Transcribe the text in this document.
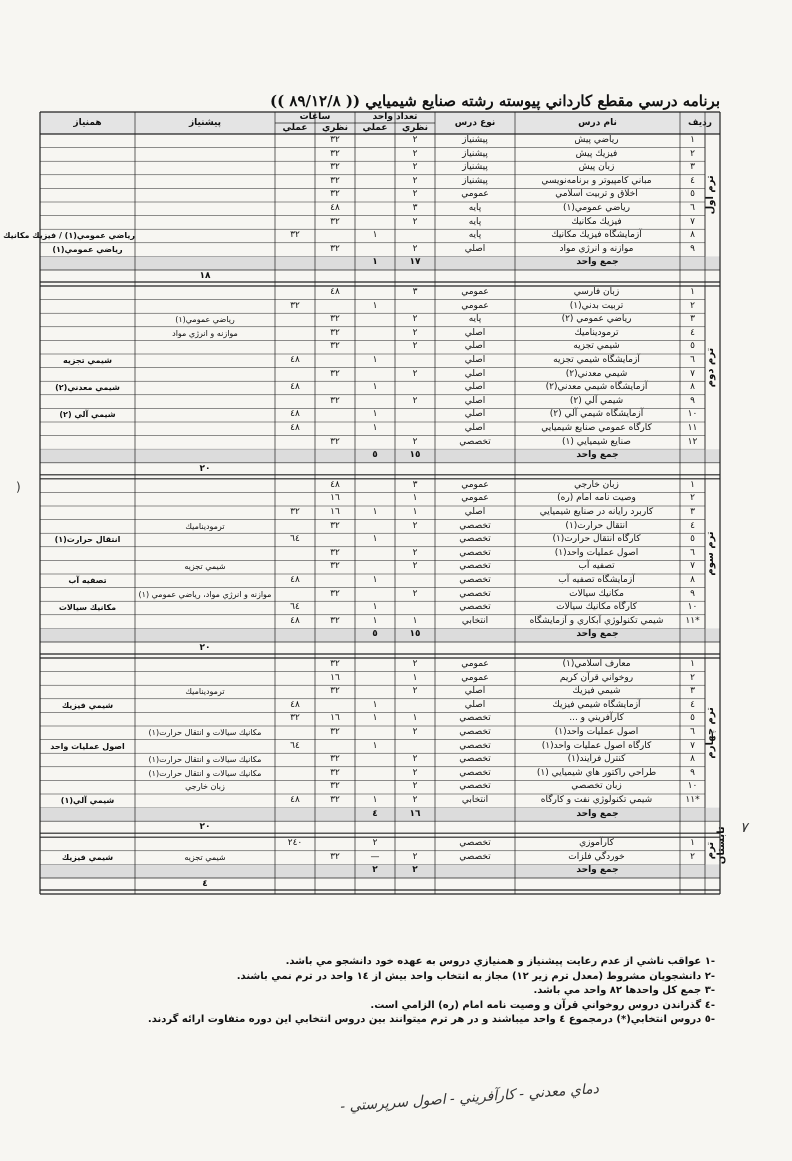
برنامه درسي مقطع كارداني پيوسته رشته صنايع شيميايي (( ٨٩/١٢/٨ ))
رديف
نام درس
نوع درس
تعداد واحد
نظري
عملي
ساعات
نظري
عملي
پيشنياز
همنياز
١
رياضي پيش
پيشنياز
٢
٣٢
٢
فيزيك پيش
پيشنياز
٢
٣٢
٣
زبان پيش
پيشنياز
٢
٣٢
٤
مباني كامپيوتر و برنامه‌نويسي
پيشنياز
٢
٣٢
٥
اخلاق و تربيت اسلامي
عمومي
٢
٣٢
٦
رياضي عمومي(١)
پايه
٣
٤٨
٧
فيزيك مكانيك
پايه
٢
٣٢
٨
آزمايشگاه فيزيك مكانيك
پايه
١
٣٢
رياضي عمومي(١) / فيزيك مكانيك
٩
موازنه و انرژي مواد
اصلي
٢
٣٢
رياضي عمومي(١)
جمع واحد
١٧
١
١٨
ترم اول
١
زبان فارسي
عمومي
٣
٤٨
٢
تربيت بدني(١)
عمومي
١
٣٢
٣
رياضي عمومي (٢)
پايه
٢
٣٢
رياضي عمومي(١)
٤
ترموديناميك
اصلي
٢
٣٢
موازنه و انرژي مواد
٥
شيمي تجزيه
اصلي
٢
٣٢
٦
آزمايشگاه شيمي تجزيه
اصلي
١
٤٨
شيمي تجزيه
٧
شيمي معدني(٢)
اصلي
٢
٣٢
٨
آزمايشگاه شيمي معدني(٢)
اصلي
١
٤٨
شيمي معدني(٢)
٩
شيمي آلي (٢)
اصلي
٢
٣٢
١٠
آزمايشگاه شيمي آلي (٢)
اصلي
١
٤٨
شيمي آلي (٢)
١١
كارگاه عمومي صنايع شيميايي
اصلي
١
٤٨
١٢
صنايع شيميايي (١)
تخصصي
٢
٣٢
جمع واحد
١٥
٥
٢٠
ترم دوم
١
زبان خارجي
عمومي
٣
٤٨
٢
وصيت نامه امام (ره)
عمومي
١
١٦
٣
كاربرد رايانه در صنايع شيميايي
اصلي
١
١
١٦
٣٢
٤
انتقال حرارت(١)
تخصصي
٢
٣٢
ترموديناميك
٥
كارگاه انتقال حرارت(١)
تخصصي
١
٦٤
انتقال حرارت(١)
٦
اصول عمليات واحد(١)
تخصصي
٢
٣٢
٧
تصفيه آب
تخصصي
٢
٣٢
شيمي تجزيه
٨
آزمايشگاه تصفيه آب
تخصصي
١
٤٨
تصفيه آب
٩
مكانيك سيالات
تخصصي
٢
٣٢
موازنه و انرژي مواد، رياضي عمومي (١)
١٠
كارگاه مكانيك سيالات
تخصصي
١
٦٤
مكانيك سيالات
*١١
شيمي تكنولوژي آبكاري و آزمايشگاه
انتخابي
١
١
٣٢
٤٨
جمع واحد
١٥
٥
٢٠
ترم سوم
١
معارف اسلامي(١)
عمومي
٢
٣٢
٢
روخواني قرآن كريم
عمومي
١
١٦
٣
شيمي فيزيك
اصلي
٢
٣٢
ترموديناميك
٤
آزمايشگاه شيمي فيزيك
اصلي
١
٤٨
شيمي فيزيك
٥
كارآفريني و ...
تخصصي
١
١
١٦
٣٢
٦
اصول عمليات واحد(١)
تخصصي
٢
٣٢
مكانيك سيالات و انتقال حرارت(١)
٧
كارگاه اصول عمليات واحد(١)
تخصصي
١
٦٤
اصول عمليات واحد
٨
كنترل فرايند(١)
تخصصي
٢
٣٢
مكانيك سيالات و انتقال حرارت(١)
٩
طراحي راكتور هاي شيميايي (١)
تخصصي
٢
٣٢
مكانيك سيالات و انتقال حرارت(١)
١٠
زبان تخصصي
تخصصي
٢
٣٢
زبان خارجي
*١١
شيمي تكنولوژي نفت و كارگاه
انتخابي
٢
١
٣٢
٤٨
شيمي آلي(١)
جمع واحد
١٦
٤
٢٠
ترم چهارم
١
كارآموزي
تخصصي
٢
٢٤٠
٢
خوردگي فلزات
تخصصي
٢
—
٣٢
شيمي تجزيه
شيمي فيزيك
جمع واحد
٢
٢
٤
ترم تابستان
-١ عواقب ناشي از عدم رعايت پيشنياز و همنيازي دروس به عهده خود دانشجو مي باشد.
-٢ دانشجويان مشروط (معدل ترم زير ١٢) مجاز به انتخاب واحد بيش از ١٤ واحد در ترم نمي باشند.
-٣ جمع كل واحدها ٨٢ واحد مي باشد.
-٤ گذراندن دروس روخواني قرآن و وصيت نامه امام (ره) الزامي است.
-٥ دروس انتخابي(*) درمجموع ٤ واحد ميباشند و در هر ترم ميتوانند بين دروس انتخابي اين دوره متفاوت ارائه گردند.
دماي معدني - كارآفريني - اصول سرپرستي -
٧
)
